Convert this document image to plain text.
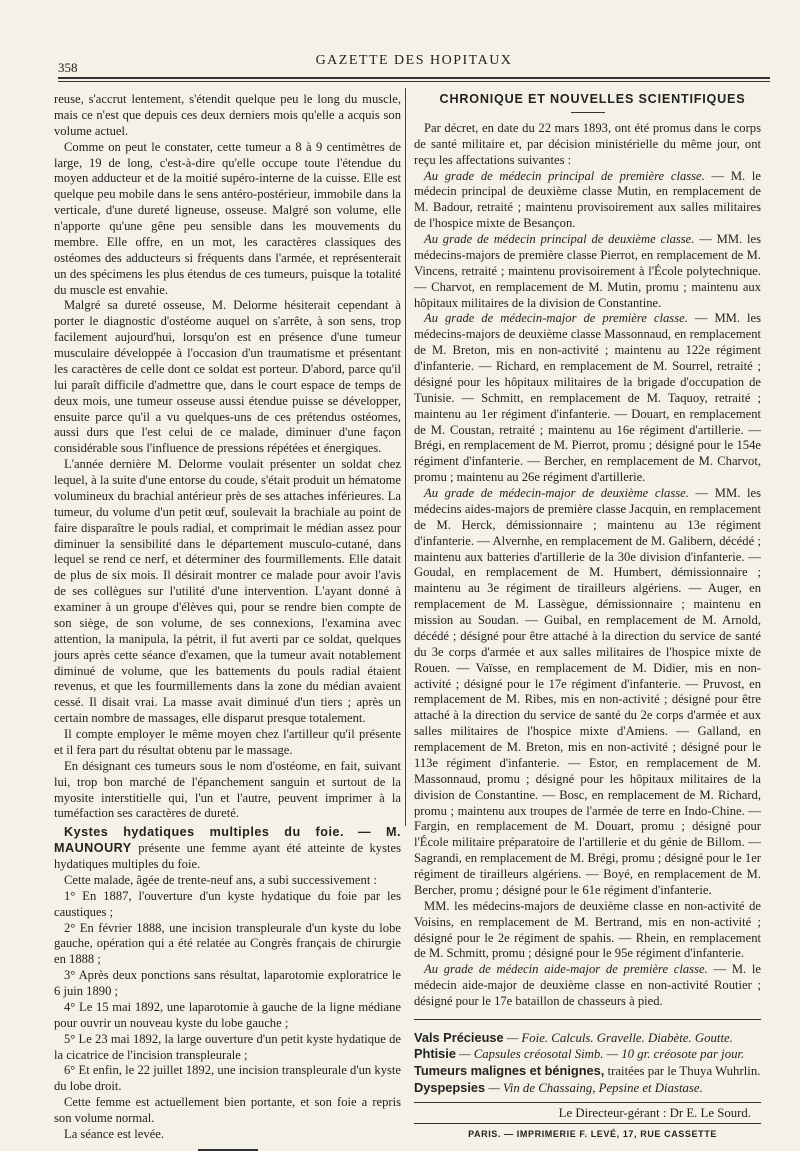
358	GAZETTE DES HOPITAUX

reuse, s'accrut lentement, s'étendit quelque peu le long du muscle, mais ce n'est que depuis ces deux derniers mois qu'elle a acquis son volume actuel.

Comme on peut le constater, cette tumeur a 8 à 9 centimètres de large, 19 de long, c'est-à-dire qu'elle occupe toute l'étendue du moyen adducteur et de la moitié supéro-interne de la cuisse. Elle est quelque peu mobile dans le sens antéro-postérieur, immobile dans la verticale, d'une dureté ligneuse, osseuse. Malgré son volume, elle n'apporte qu'une gêne peu sensible dans les mouvements du membre. Elle offre, en un mot, les caractères classiques des ostéomes des adducteurs si fréquents dans l'armée, et représenterait un des spécimens les plus étendus de ces tumeurs, puisque la totalité du muscle est envahie.

Malgré sa dureté osseuse, M. Delorme hésiterait cependant à porter le diagnostic d'ostéome auquel on s'arrête, à son sens, trop facilement aujourd'hui, lorsqu'on est en présence d'une tumeur musculaire développée à l'occasion d'un traumatisme et présentant les caractères de celle dont ce soldat est porteur. D'abord, parce qu'il lui paraît difficile d'admettre que, dans le court espace de temps de deux mois, une tumeur osseuse aussi étendue puisse se développer, ensuite parce qu'il a vu quelques-uns de ces prétendus ostéomes, aussi durs que l'est celui de ce malade, diminuer d'une façon considérable sous l'influence de pressions répétées et énergiques.

L'année dernière M. Delorme voulait présenter un soldat chez lequel, à la suite d'une entorse du coude, s'était produit un hématome volumineux du brachial antérieur près de ses attaches inférieures. La tumeur, du volume d'un petit œuf, soulevait la brachiale au point de faire disparaître le pouls radial, et comprimait le médian assez pour diminuer la sensibilité dans le département musculo-cutané, dans lequel se rend ce nerf, et déterminer des fourmillements. Elle datait de plus de six mois. Il désirait montrer ce malade pour avoir l'avis de ses collègues sur l'utilité d'une intervention. L'ayant donné à examiner à un groupe d'élèves qui, pour se rendre bien compte de son siège, de son volume, de ses connexions, l'examina avec attention, la manipula, la pétrit, il fut averti par ce soldat, quelques jours après cette séance d'examen, que la tumeur avait notablement diminué de volume, que les battements du pouls radial étaient revenus, et que les fourmillements dans la zone du médian avaient cessé. Il disait vrai. La masse avait diminué d'un tiers ; après un certain nombre de massages, elle disparut presque totalement.

Il compte employer le même moyen chez l'artilleur qu'il présente et il fera part du résultat obtenu par le massage.

En désignant ces tumeurs sous le nom d'ostéome, en fait, suivant lui, trop bon marché de l'épanchement sanguin et surtout de la myosite interstitielle qui, l'un et l'autre, peuvent imprimer à la tuméfaction ses caractères de dureté.

Kystes hydatiques multiples du foie. — M. MAUNOURY présente une femme ayant été atteinte de kystes hydatiques multiples du foie.

Cette malade, âgée de trente-neuf ans, a subi successivement :

1° En 1887, l'ouverture d'un kyste hydatique du foie par les caustiques ;

2° En février 1888, une incision transpleurale d'un kyste du lobe gauche, opération qui a été relatée au Congrès français de chirurgie en 1888 ;

3° Après deux ponctions sans résultat, laparotomie exploratrice le 6 juin 1890 ;

4° Le 15 mai 1892, une laparotomie à gauche de la ligne médiane pour ouvrir un nouveau kyste du lobe gauche ;

5° Le 23 mai 1892, la large ouverture d'un petit kyste hydatique de la cicatrice de l'incision transpleurale ;

6° Et enfin, le 22 juillet 1892, une incision transpleurale d'un kyste du lobe droit.

Cette femme est actuellement bien portante, et son foie a repris son volume normal.

La séance est levée.

CHRONIQUE ET NOUVELLES SCIENTIFIQUES

Par décret, en date du 22 mars 1893, ont été promus dans le corps de santé militaire et, par décision ministérielle du même jour, ont reçu les affectations suivantes :

Au grade de médecin principal de première classe. — M. le médecin principal de deuxième classe Mutin, en remplacement de M. Badour, retraité ; maintenu provisoirement aux salles militaires de l'hospice mixte de Besançon.

Au grade de médecin principal de deuxième classe. — MM. les médecins-majors de première classe Pierrot, en remplacement de M. Vincens, retraité ; maintenu provisoirement à l'École polytechnique. — Charvot, en remplacement de M. Mutin, promu ; maintenu aux hôpitaux militaires de la division de Constantine.

Au grade de médecin-major de première classe. — MM. les médecins-majors de deuxième classe Massonnaud, en remplacement de M. Breton, mis en non-activité ; maintenu au 122e régiment d'infanterie. — Richard, en remplacement de M. Sourrel, retraité ; désigné pour les hôpitaux militaires de la brigade d'occupation de Tunisie. — Schmitt, en remplacement de M. Taquoy, retraité ; maintenu au 1er régiment d'infanterie. — Douart, en remplacement de M. Coustan, retraité ; maintenu au 16e régiment d'artillerie. — Brégi, en remplacement de M. Pierrot, promu ; désigné pour le 154e régiment d'infanterie. — Bercher, en remplacement de M. Charvot, promu ; maintenu au 26e régiment d'artillerie.

Au grade de médecin-major de deuxième classe. — MM. les médecins aides-majors de première classe Jacquin, en remplacement de M. Herck, démissionnaire ; maintenu au 13e régiment d'infanterie. — Alvernhe, en remplacement de M. Galibern, décédé ; maintenu aux batteries d'artillerie de la 30e division d'infanterie. — Goudal, en remplacement de M. Humbert, démissionnaire ; maintenu au 3e régiment de tirailleurs algériens. — Auger, en remplacement de M. Lassègue, démissionnaire ; maintenu en mission au Soudan. — Guibal, en remplacement de M. Arnold, décédé ; désigné pour être attaché à la direction du service de santé du 3e corps d'armée et aux salles militaires de l'hospice mixte de Rouen. — Vaïsse, en remplacement de M. Didier, mis en non-activité ; désigné pour le 17e régiment d'infanterie. — Pruvost, en remplacement de M. Ribes, mis en non-activité ; désigné pour être attaché à la direction du service de santé du 2e corps d'armée et aux salles militaires de l'hospice mixte d'Amiens. — Galland, en remplacement de M. Breton, mis en non-activité ; désigné pour le 113e régiment d'infanterie. — Estor, en remplacement de M. Massonnaud, promu ; désigné pour les hôpitaux militaires de la division de Constantine. — Bosc, en remplacement de M. Richard, promu ; maintenu aux troupes de l'armée de terre en Indo-Chine. — Fargin, en remplacement de M. Douart, promu ; désigné pour l'École militaire préparatoire de l'artillerie et du génie de Billom. — Sagrandi, en remplacement de M. Brégi, promu ; désigné pour le 1er régiment de tirailleurs algériens. — Boyé, en remplacement de M. Bercher, promu ; désigné pour le 61e régiment d'infanterie.

MM. les médecins-majors de deuxième classe en non-activité de Voisins, en remplacement de M. Bertrand, mis en non-activité ; désigné pour le 2e régiment de spahis. — Rhein, en remplacement de M. Schmitt, promu ; désigné pour le 95e régiment d'infanterie.

Au grade de médecin aide-major de première classe. — M. le médecin aide-major de deuxième classe en non-activité Routier ; désigné pour le 17e bataillon de chasseurs à pied.

Vals Précieuse — Foie. Calculs. Gravelle. Diabète. Goutte.

Phtisie — Capsules créosotal Simb. — 10 gr. créosote par jour.

Tumeurs malignes et bénignes, traitées par le Thuya Wuhrlin.

Dyspepsies — Vin de Chassaing, Pepsine et Diastase.

Le Directeur-gérant : Dr E. Le Sourd.

PARIS. — IMPRIMERIE F. LEVÉ, 17, RUE CASSETTE
